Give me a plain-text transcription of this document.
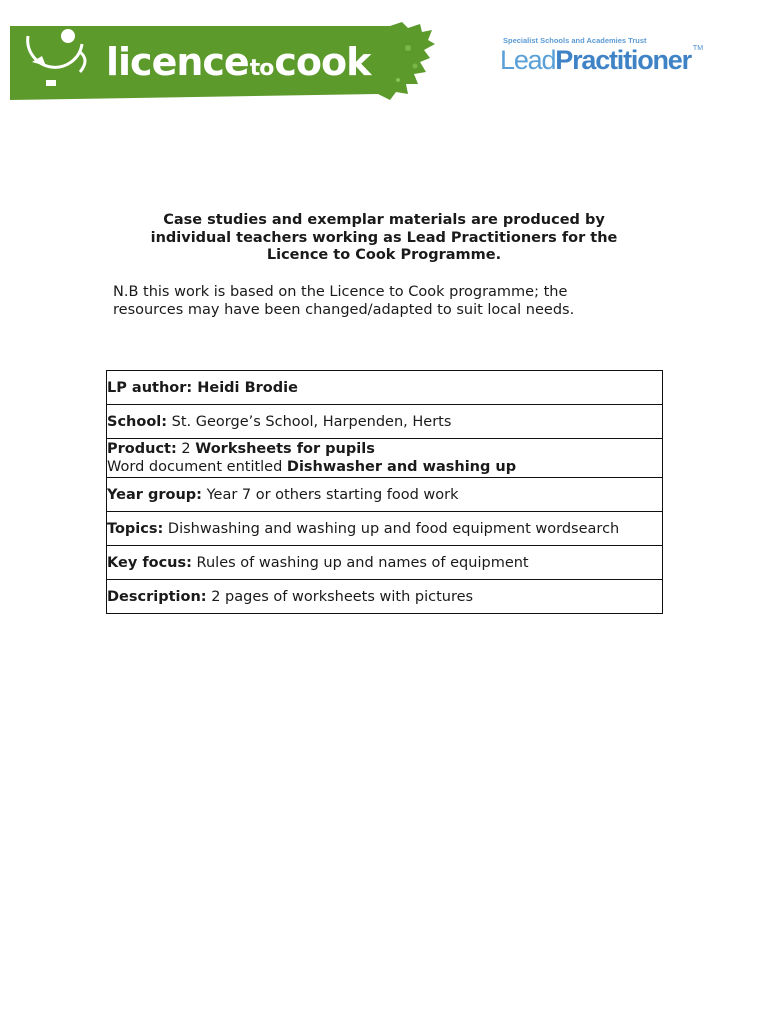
licence to cook	Specialist Schools and Academies Trust
LeadPractitioner ™
Case studies and exemplar materials are produced by
individual teachers working as Lead Practitioners for the
Licence to Cook Programme.
N.B this work is based on the Licence to Cook programme; the
resources may have been changed/adapted to suit local needs.
LP author: Heidi Brodie
School: St. George’s School, Harpenden, Herts

Product: 2 Worksheets for pupils
Word document entitled Dishwasher and washing up

Year group: Year 7 or others starting food work
Topics: Dishwashing and washing up and food equipment wordsearch
Key focus: Rules of washing up and names of equipment
Description: 2 pages of worksheets with pictures
